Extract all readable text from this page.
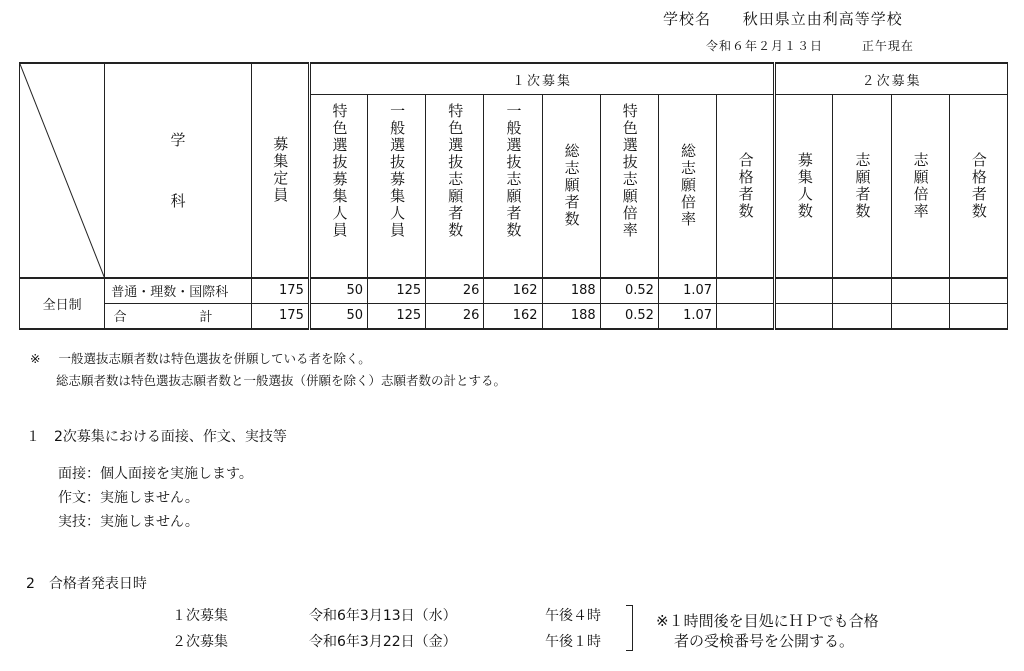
学校名 秋田県立由利高等学校
令和６年２月１３日	正午現在

学
科	募集定員	１次募集								２次募集			

			特色選抜募集人員	一般選抜募集人員	特色選抜志願者数	一般選抜志願者数	総志願者数	特色選抜志願倍率	総志願倍率	合格者数	募集人数	志願者数	志願倍率	合格者数

全日制	普通・理数・国際科	175	50	125	26	162	188	0.52	1.07					
	合　計	175	50	125	26	162	188	0.52	1.07					
※ 一般選抜志願者数は特色選抜を併願している者を除く。
総志願者数は特色選抜志願者数と一般選抜（併願を除く）志願者数の計とする。
１　2次募集における面接、作文、実技等
面接：個人面接を実施します。
作文：実施しません。
実技：実施しません。
2　合格者発表日時
１次募集	令和6年3月13日（水）	午後４時
２次募集	令和6年3月22日（金）	午後１時
※１時間後を目処にＨＰでも合格
者の受検番号を公開する。
